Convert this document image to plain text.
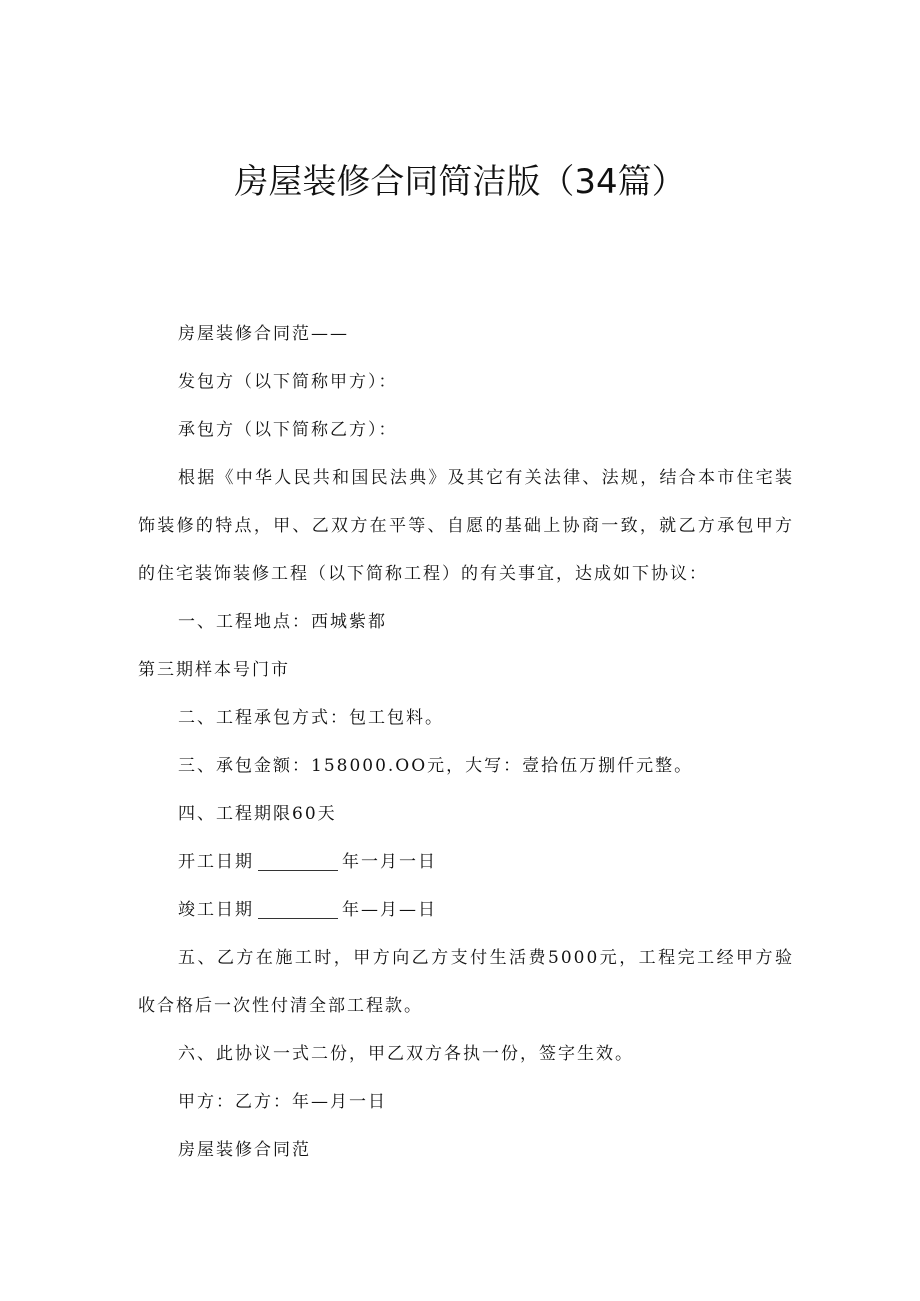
房屋装修合同简洁版（34篇）

房屋装修合同范——

发包方（以下简称甲方）：

承包方（以下简称乙方）：

根据《中华人民共和国民法典》及其它有关法律、法规，结合本市住宅装饰装修的特点，甲、乙双方在平等、自愿的基础上协商一致，就乙方承包甲方的住宅装饰装修工程（以下简称工程）的有关事宜，达成如下协议：

一、工程地点：西城紫都

第三期样本号门市

二、工程承包方式：包工包料。

三、承包金额：158000.OO元，大写：壹拾伍万捌仟元整。

四、工程期限60天

开工日期	年一月一日

竣工日期	年—月—日

五、乙方在施工时，甲方向乙方支付生活费5000元，工程完工经甲方验收合格后一次性付清全部工程款。

六、此协议一式二份，甲乙双方各执一份，签字生效。

甲方：乙方：年—月一日

房屋装修合同范
